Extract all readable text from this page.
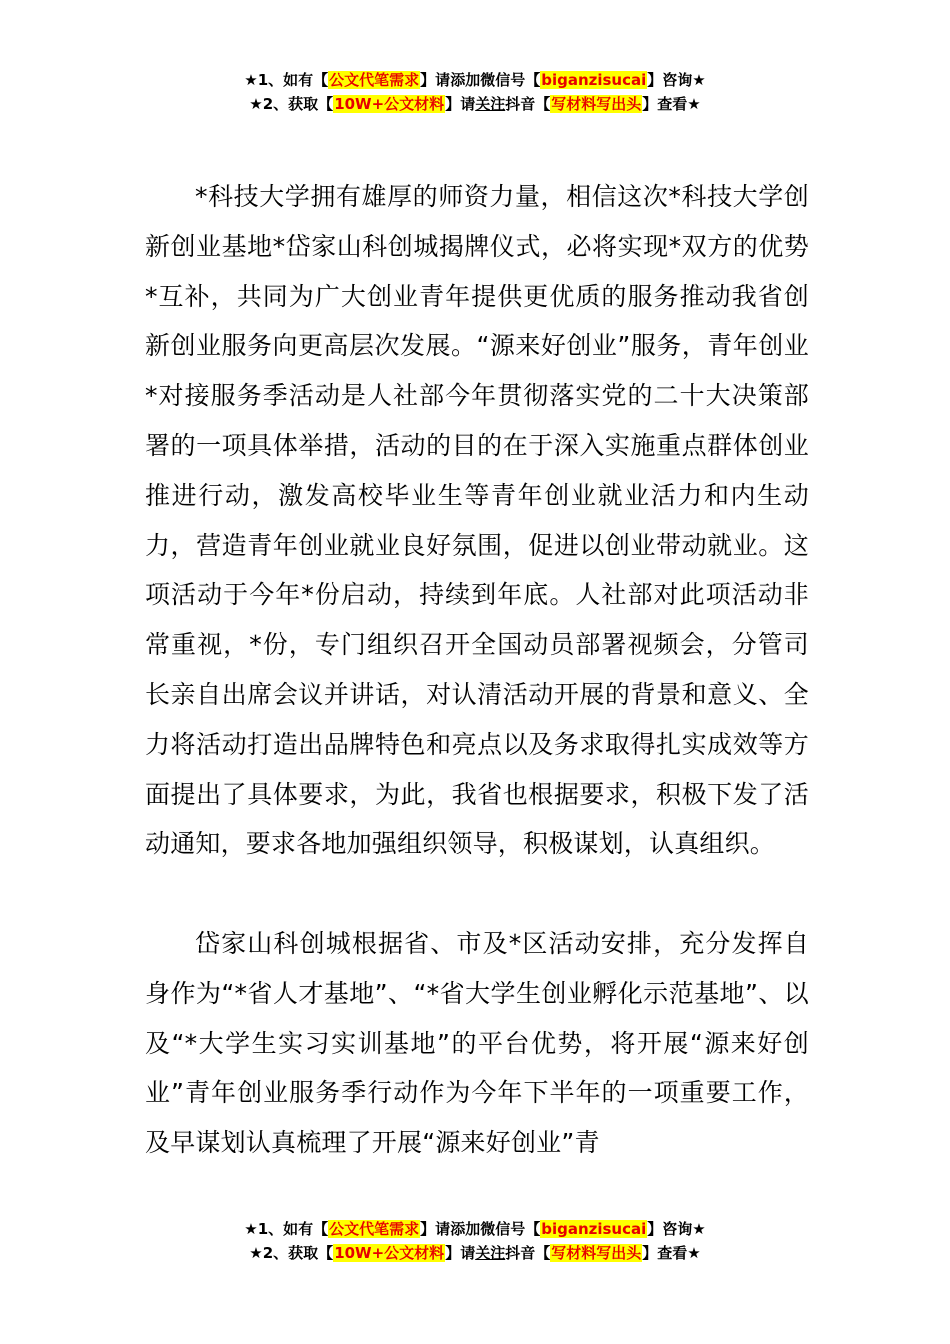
★1、如有【公文代笔需求】请添加微信号【biganzisucai】咨询★
★2、获取【10W+公文材料】请关注抖音【写材料写出头】查看★

*科技大学拥有雄厚的师资力量，相信这次*科技大学创新创业基地*岱家山科创城揭牌仪式，必将实现*双方的优势*互补，共同为广大创业青年提供更优质的服务推动我省创新创业服务向更高层次发展。“源来好创业”服务，青年创业*对接服务季活动是人社部今年贯彻落实党的二十大决策部署的一项具体举措，活动的目的在于深入实施重点群体创业推进行动，激发高校毕业生等青年创业就业活力和内生动力，营造青年创业就业良好氛围，促进以创业带动就业。这项活动于今年*份启动，持续到年底。人社部对此项活动非常重视，*份，专门组织召开全国动员部署视频会，分管司长亲自出席会议并讲话，对认清活动开展的背景和意义、全力将活动打造出品牌特色和亮点以及务求取得扎实成效等方面提出了具体要求，为此，我省也根据要求，积极下发了活动通知，要求各地加强组织领导，积极谋划，认真组织。

岱家山科创城根据省、市及*区活动安排，充分发挥自身作为“*省人才基地”、“*省大学生创业孵化示范基地”、以及“*大学生实习实训基地”的平台优势，将开展“源来好创业”青年创业服务季行动作为今年下半年的一项重要工作，及早谋划认真梳理了开展“源来好创业”青

★1、如有【公文代笔需求】请添加微信号【biganzisucai】咨询★
★2、获取【10W+公文材料】请关注抖音【写材料写出头】查看★
